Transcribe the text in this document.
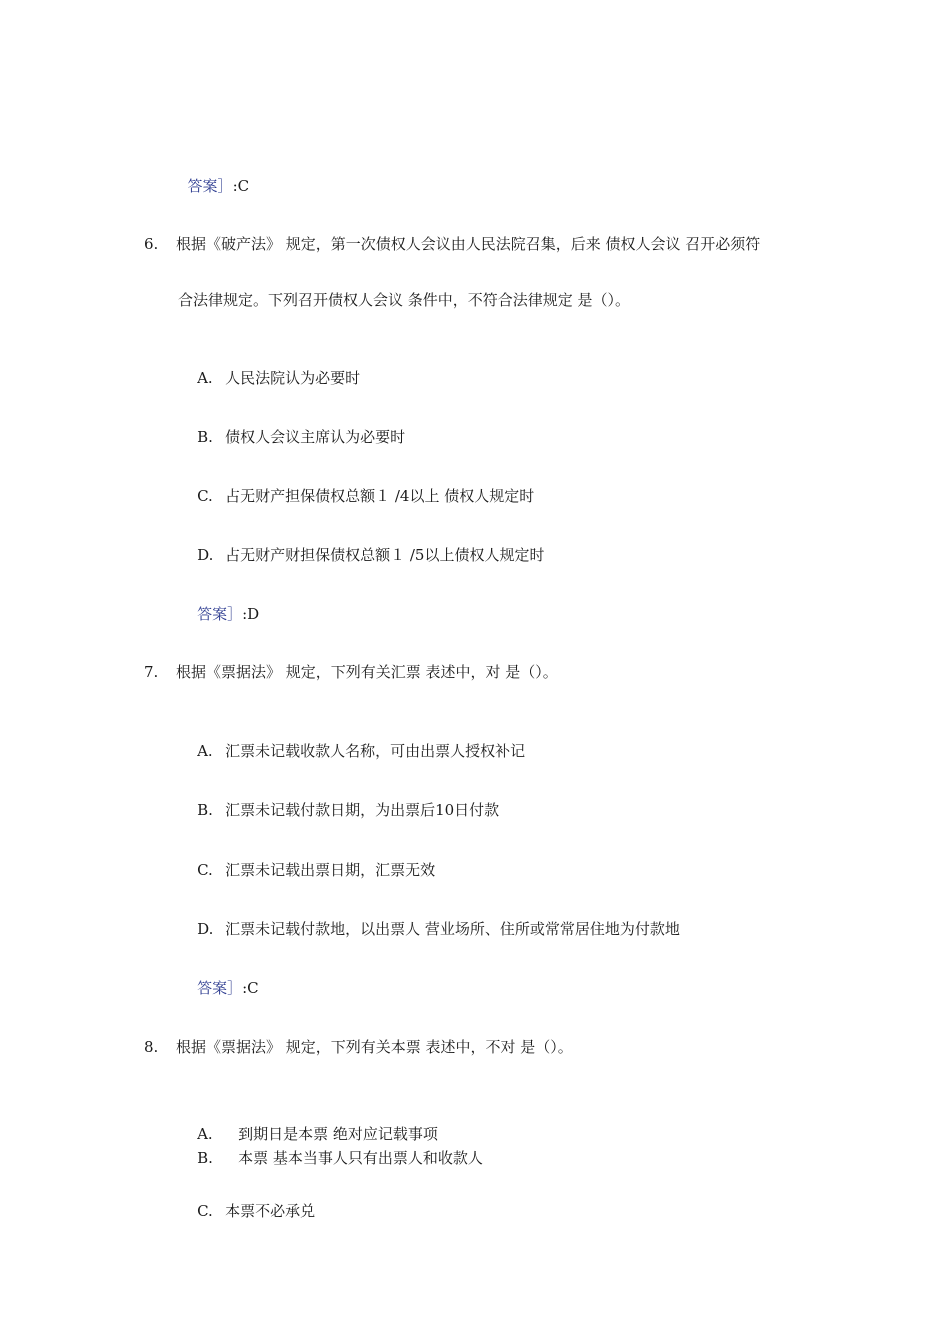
答案］:C

6. 根据《破产法》 规定，第一次债权人会议由人民法院召集，后来 债权人会议 召开必须符
合法律规定。下列召开债权人会议 条件中，不符合法律规定 是（）。

A. 人民法院认为必要时

B. 债权人会议主席认为必要时

C. 占无财产担保债权总额１ /4以上 债权人规定时

D. 占无财产财担保债权总额１ /5以上债权人规定时

答案］:D

7. 根据《票据法》 规定，下列有关汇票 表述中，对 是（）。

A. 汇票未记载收款人名称，可由出票人授权补记

B. 汇票未记载付款日期，为出票后10日付款

C. 汇票未记载出票日期，汇票无效

D. 汇票未记载付款地，以出票人 营业场所、住所或常常居住地为付款地

答案］:C

8. 根据《票据法》 规定，下列有关本票 表述中，不对 是（）。

A. 到期日是本票 绝对应记载事项

B. 本票 基本当事人只有出票人和收款人

C. 本票不必承兑
